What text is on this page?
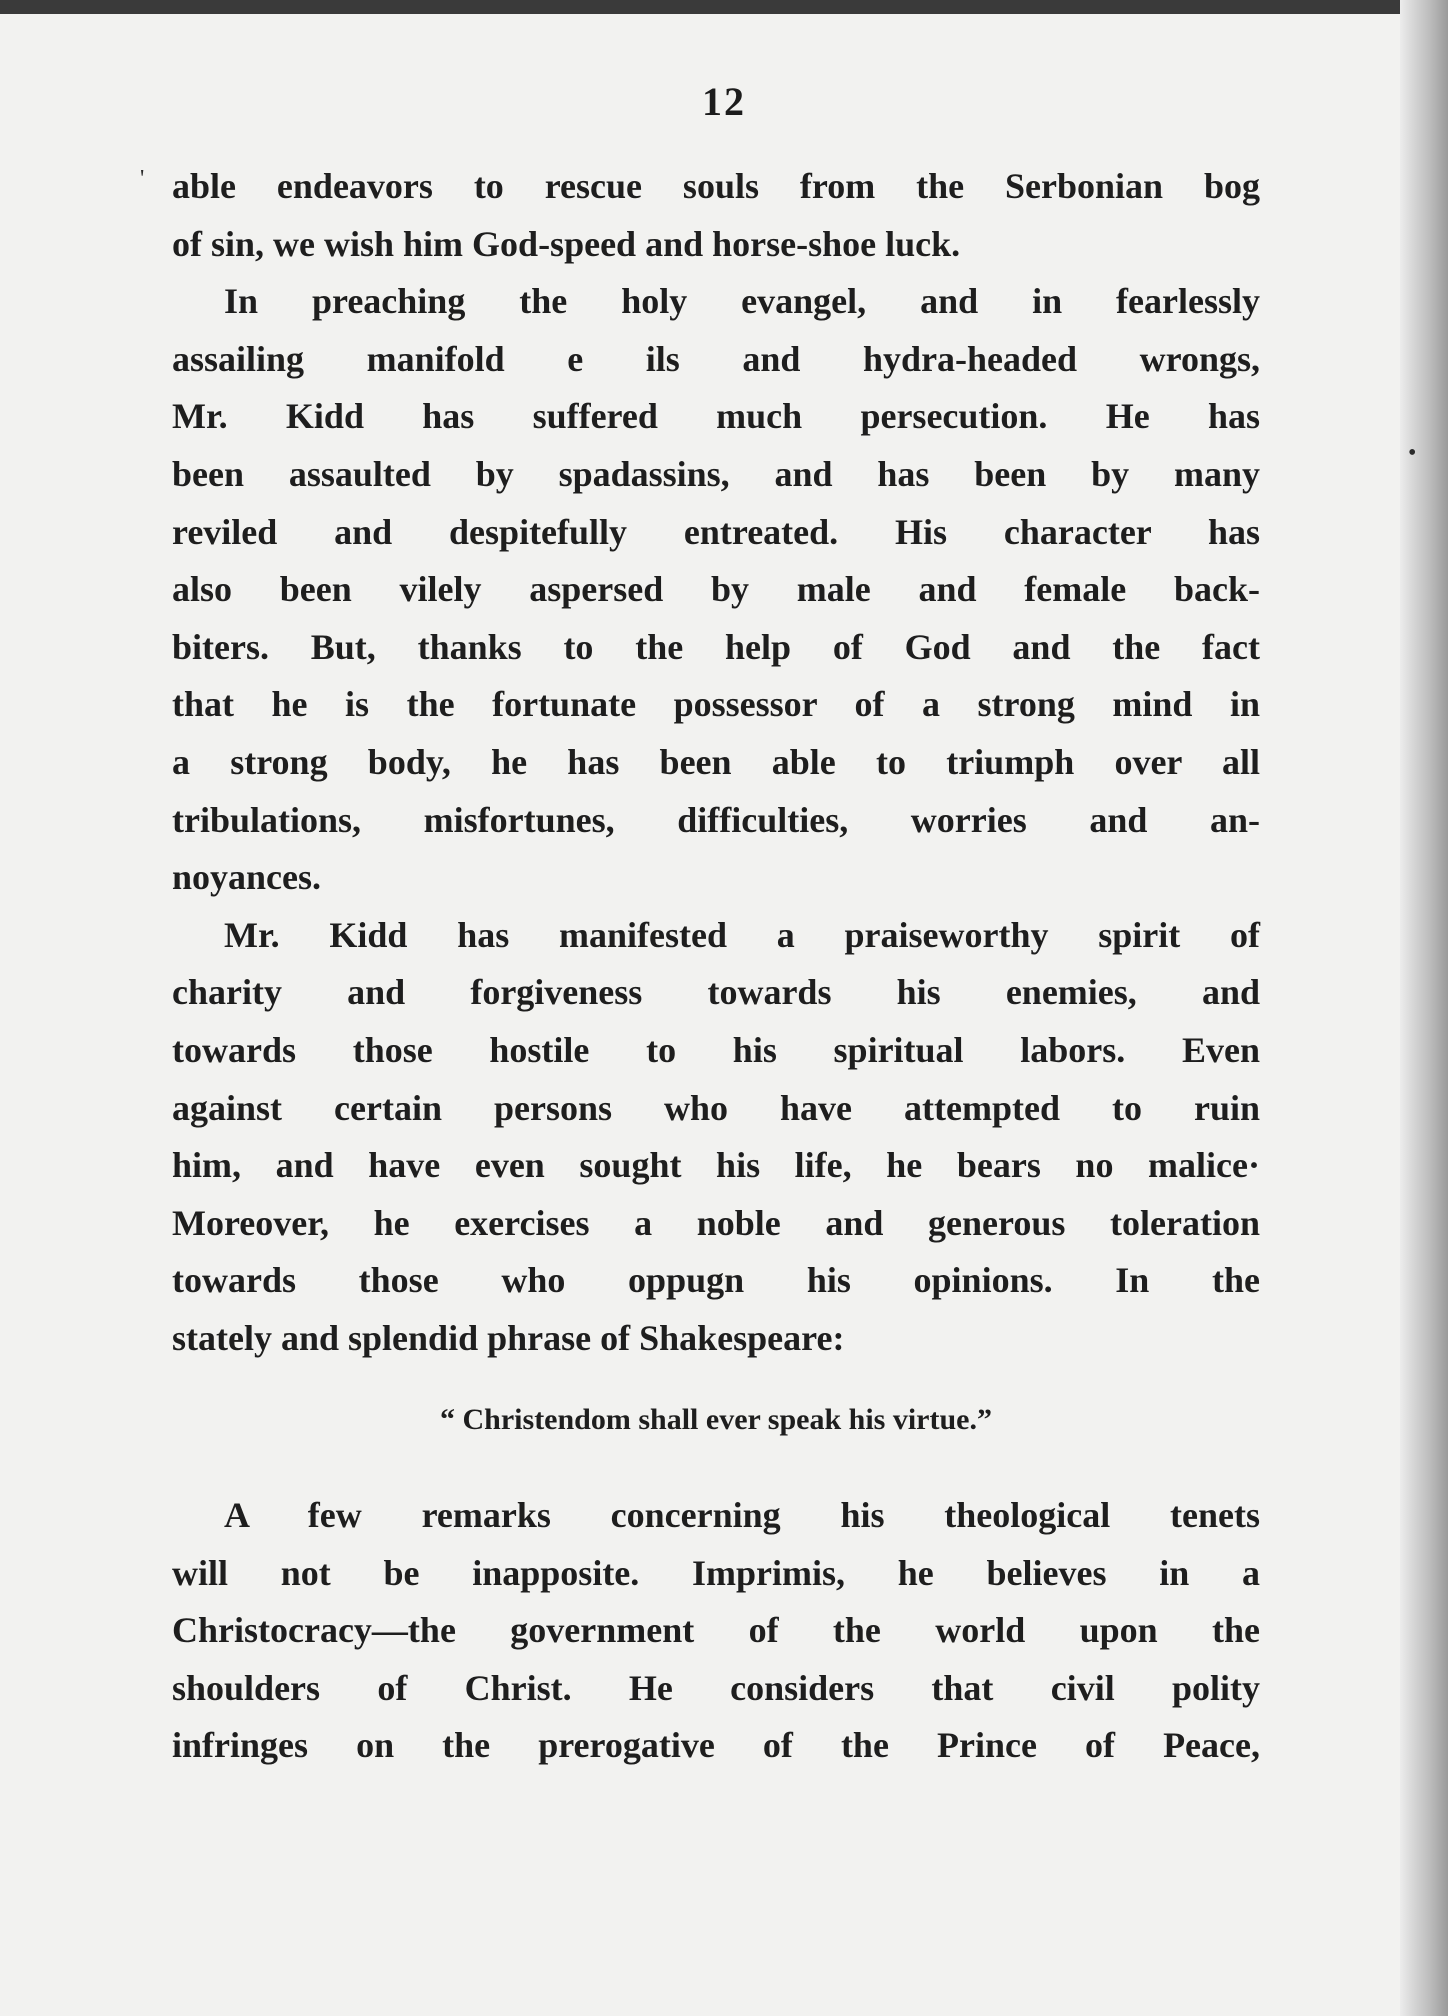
12
able endeavors to rescue souls from the Serbonian bog
of sin, we wish him God-speed and horse-shoe luck.
In preaching the holy evangel, and in fearlessly
assailing manifold e ils and hydra-headed wrongs,
Mr. Kidd has suffered much persecution. He has
been assaulted by spadassins, and has been by many
reviled and despitefully entreated. His character has
also been vilely aspersed by male and female back-
biters. But, thanks to the help of God and the fact
that he is the fortunate possessor of a strong mind in
a strong body, he has been able to triumph over all
tribulations, misfortunes, difficulties, worries and an-
noyances.
Mr. Kidd has manifested a praiseworthy spirit of
charity and forgiveness towards his enemies, and
towards those hostile to his spiritual labors. Even
against certain persons who have attempted to ruin
him, and have even sought his life, he bears no malice·
Moreover, he exercises a noble and generous toleration
towards those who oppugn his opinions. In the
stately and splendid phrase of Shakespeare:
“ Christendom shall ever speak his virtue.”
A few remarks concerning his theological tenets
will not be inapposite. Imprimis, he believes in a
Christocracy—the government of the world upon the
shoulders of Christ. He considers that civil polity
infringes on the prerogative of the Prince of Peace,
'
•
